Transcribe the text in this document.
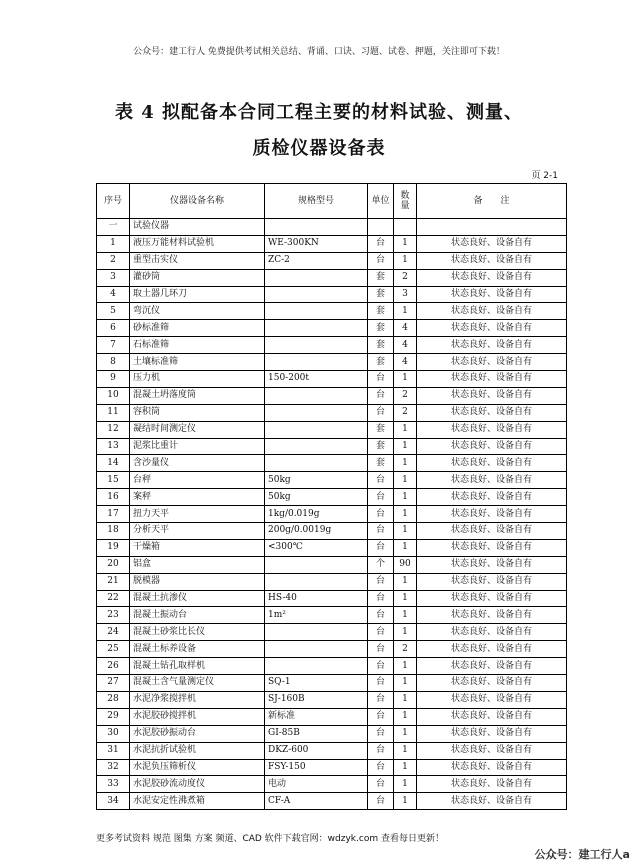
公众号：建工行人 免费提供考试相关总结、背诵、口诀、习题、试卷、押题，关注即可下载！
表 4 拟配备本合同工程主要的材料试验、测量、
质检仪器设备表
页 2-1
序号	仪器设备名称	规格型号	单位	数量	备　　注
一	试验仪器				
1	液压万能材料试验机	WE-300KN	台	1	状态良好、设备自有
2	重型击实仪	ZC-2	台	1	状态良好、设备自有
3	灌砂筒		套	2	状态良好、设备自有
4	取土器几环刀		套	3	状态良好、设备自有
5	弯沉仪		套	1	状态良好、设备自有
6	砂标准筛		套	4	状态良好、设备自有
7	石标准筛		套	4	状态良好、设备自有
8	土壤标准筛		套	4	状态良好、设备自有
9	压力机	150-200t	台	1	状态良好、设备自有
10	混凝土坍落度筒		台	2	状态良好、设备自有
11	容积筒		台	2	状态良好、设备自有
12	凝结时间测定仪		套	1	状态良好、设备自有
13	泥浆比重计		套	1	状态良好、设备自有
14	含沙量仪		套	1	状态良好、设备自有
15	台秤	50kg	台	1	状态良好、设备自有
16	案秤	50kg	台	1	状态良好、设备自有
17	扭力天平	1kg/0.019g	台	1	状态良好、设备自有
18	分析天平	200g/0.0019g	台	1	状态良好、设备自有
19	干燥箱	<300℃	台	1	状态良好、设备自有
20	铝盒		个	90	状态良好、设备自有
21	脱模器		台	1	状态良好、设备自有
22	混凝土抗渗仪	HS-40	台	1	状态良好、设备自有
23	混凝土振动台	1m²	台	1	状态良好、设备自有
24	混凝土砂浆比长仪		台	1	状态良好、设备自有
25	混凝土标养设备		台	2	状态良好、设备自有
26	混凝土钻孔取样机		台	1	状态良好、设备自有
27	混凝土含气量测定仪	SQ-1	台	1	状态良好、设备自有
28	水泥净浆搅拌机	SJ-160B	台	1	状态良好、设备自有
29	水泥胶砂搅拌机	新标准	台	1	状态良好、设备自有
30	水泥胶砂振动台	GI-85B	台	1	状态良好、设备自有
31	水泥抗折试验机	DKZ-600	台	1	状态良好、设备自有
32	水泥负压筛析仪	FSY-150	台	1	状态良好、设备自有
33	水泥胶砂流动度仪	电动	台	1	状态良好、设备自有
34	水泥安定性沸煮箱	CF-A	台	1	状态良好、设备自有
更多考试资料 规范 图集 方案 频道、CAD 软件下载官网：wdzyk.com 查看每日更新！
公众号：建工行人a
